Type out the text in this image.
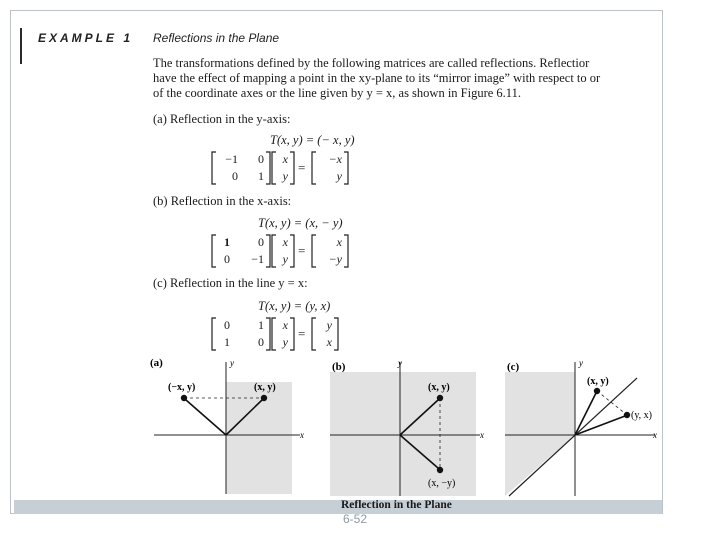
EXAMPLE 1 Reflections in the Plane
The transformations defined by the following matrices are called reflections. Reflectior
have the effect of mapping a point in the xy-plane to its “mirror image” with respect to or
of the coordinate axes or the line given by y = x, as shown in Figure 6.11.
(a) Reflection in the y-axis:
T(x, y) = (− x, y)
−1	0
0	1
x
y
=
−x
y
(b) Reflection in the x-axis:
T(x, y) = (x, − y)
1	0
0	−1
x
y
=
x
−y
(c) Reflection in the line y = x:
T(x, y) = (y, x)
0	1
1	0
x
y
=
y
x
(a)	y
x
(−x, y)	(x, y)
(b)	y
x
(x, y)
(x, −y)
(c)	y
x
(x, y)
(y, x)
Reflection in the Plane
6-52
